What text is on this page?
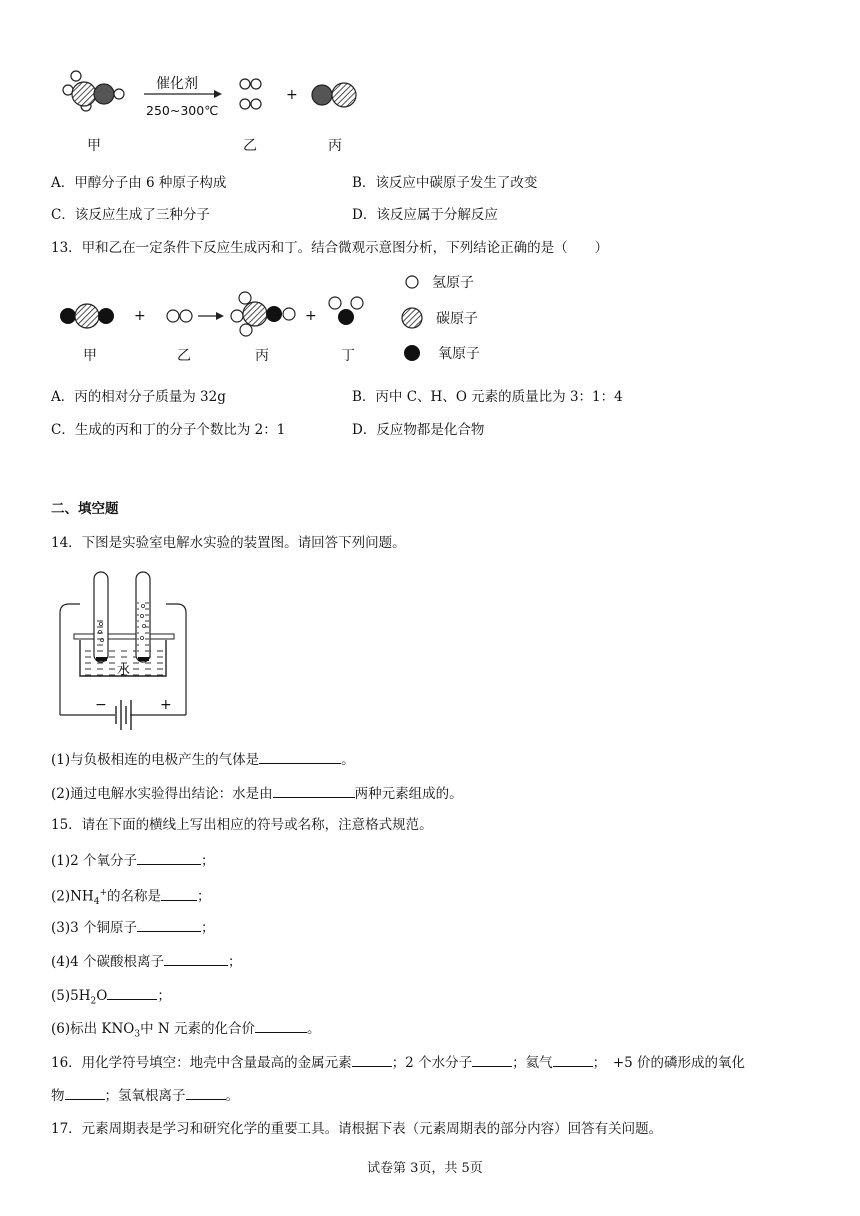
催化剂
250~300℃
+
甲	乙	丙
A．甲醇分子由 6 种原子构成	B．该反应中碳原子发生了改变
C．该反应生成了三种分子	D．该反应属于分解反应
13．甲和乙在一定条件下反应生成丙和丁。结合微观示意图分析，下列结论正确的是（　　）
+	+
甲	乙	丙	丁
氢原子
碳原子
氧原子
A．丙的相对分子质量为 32g	B．丙中 C、H、O 元素的质量比为 3：1：4
C．生成的丙和丁的分子个数比为 2：1	D．反应物都是化合物
二、填空题
14．下图是实验室电解水实验的装置图。请回答下列问题。
−	+
水
(1)与负极相连的电极产生的气体是	。
(2)通过电解水实验得出结论：水是由	两种元素组成的。
15．请在下面的横线上写出相应的符号或名称，注意格式规范。
(1)2 个氧分子	；
$(2)NH_4^+$的名称是	；
(3)3 个铜原子	；
(4)4 个碳酸根离子	；
$(5)5H_2O$	；
(6)标出 $KNO_3$中 N 元素的化合价	。
16．用化学符号填空：地壳中含量最高的金属元素	；2 个水分子	；氦气	；　+5 价的磷形成的氧化
物	；氢氧根离子	。
17．元素周期表是学习和研究化学的重要工具。请根据下表（元素周期表的部分内容）回答有关问题。
试卷第 3页，共 5页
